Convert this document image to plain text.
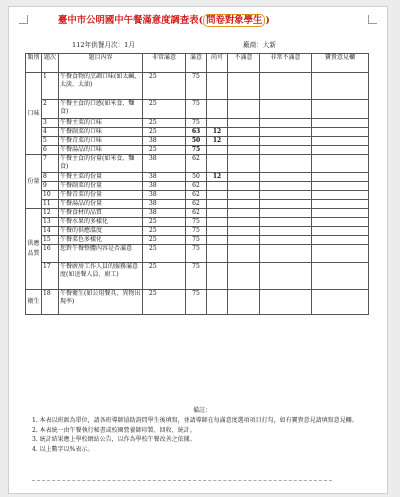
臺中市公明國中午餐滿意度調查表( 問卷對象學生 )
112年供餐月次：1月	廠商：大新
類別	題次	題目內容	非常滿意	滿意	尚可	不滿意	非常不滿意	寶貴意見欄
口味	1	午餐食物的烹調口味(如太鹹、太淡、太油)	25	75				
	2	午餐主食的口感(如米食、麵食)	25	75				
	3	午餐主菜的口味	25	75				
	4	午餐副菜的口味	25	63	12			
	5	午餐青菜的口味	38	50	12			
	6	午餐湯品的口味	25	75				
份量	7	午餐主食的份量(如米食、麵食)	38	62				
	8	午餐主菜的份量	38	50	12			
	9	午餐副菜的份量	38	62				
	10	午餐青菜的份量	38	62				
	11	午餐湯品的份量	38	62				
供應品質	12	午餐食材的品質	38	62				
	13	午餐水果的多樣化	25	75				
	14	午餐的供應溫度	25	75				
	15	午餐菜色多樣化	25	75				
	16	您對午餐整體內容是否滿意	25	75				
	17	午餐廚房工作人員的服務滿意度(如送餐人員、廚工)	25	75				
衛生	18	午餐衛生(如公用餐具、異物出現率)	25	75				
備註：
1. 本表以班級為單位，請各班導師協助詢問學生後填寫，並請導師在每滿意度選項項目打勾，如有寶貴意見請填寫意見欄。
2. 本表統一由午餐執行秘書或校園營養師印製、回收、統計。
3. 統計結果應上學校網站公告，以作為學校午餐改善之依據。
4. 以上數字以%表示。
